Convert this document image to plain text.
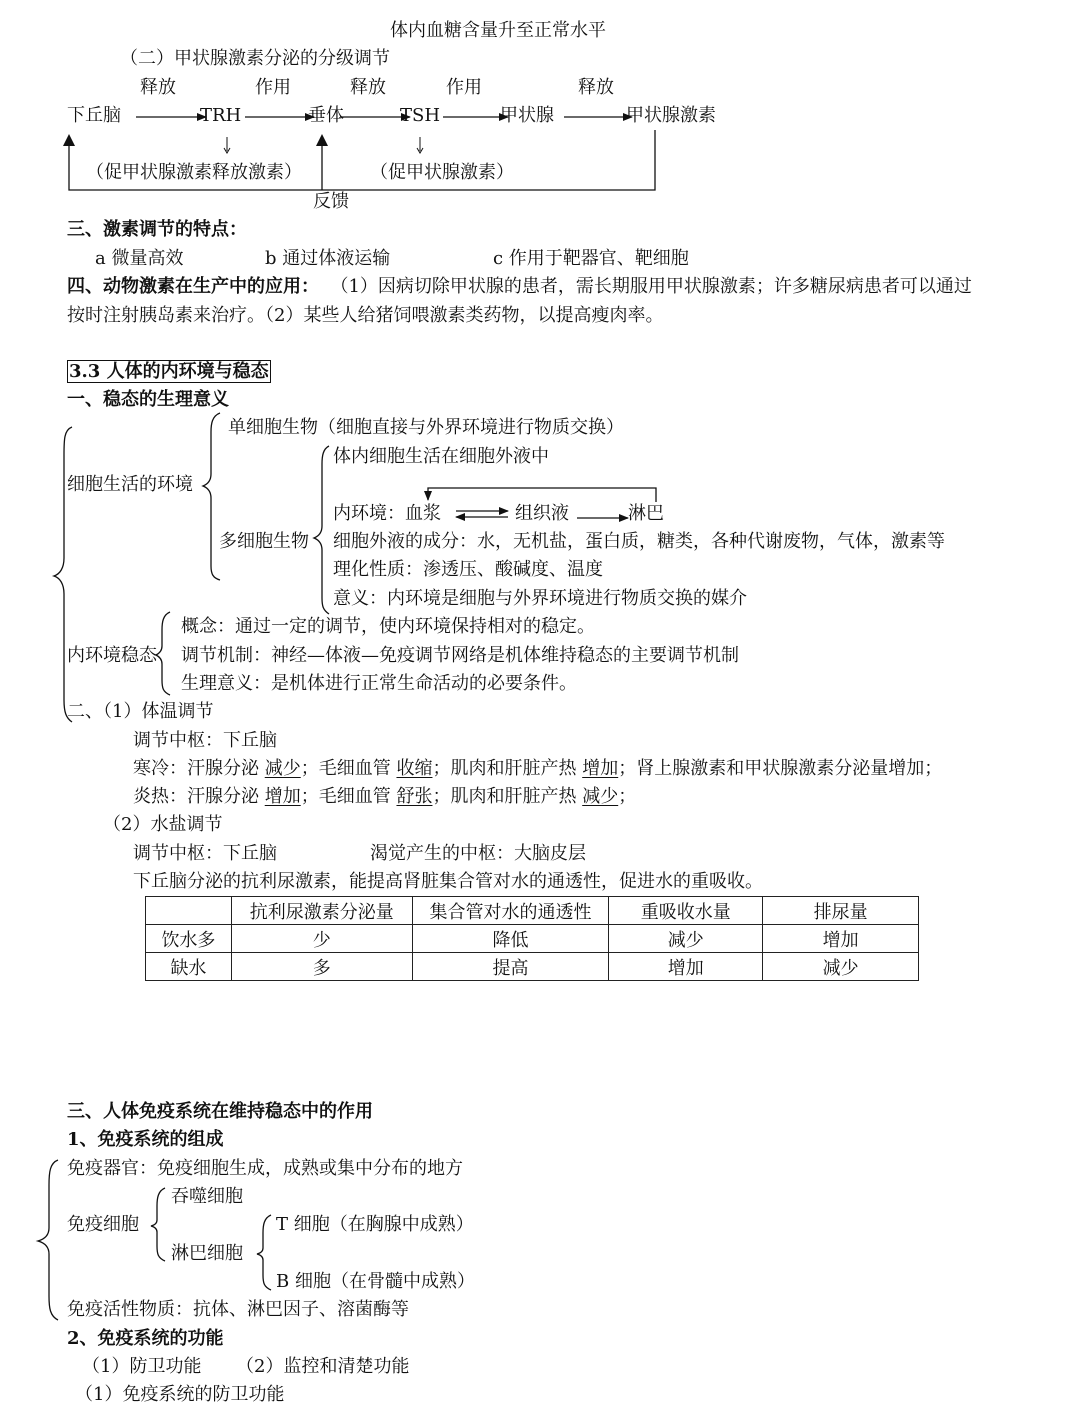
体内血糖含量升至正常水平
（二）甲状腺激素分泌的分级调节
释放	作用	释放	作用	释放
下丘脑	TRH	垂体	TSH	甲状腺	甲状腺激素
（促甲状腺激素释放激素）	（促甲状腺激素）
反馈
三、激素调节的特点：
a 微量高效	b 通过体液运输	c 作用于靶器官、靶细胞
四、动物激素在生产中的应用： （1）因病切除甲状腺的患者，需长期服用甲状腺激素；许多糖尿病患者可以通过
按时注射胰岛素来治疗。（2）某些人给猪饲喂激素类药物，以提高瘦肉率。
3.3 人体的内环境与稳态
一、稳态的生理意义
细胞生活的环境
单细胞生物（细胞直接与外界环境进行物质交换）
多细胞生物
体内细胞生活在细胞外液中
内环境：血浆	组织液	淋巴
细胞外液的成分：水，无机盐，蛋白质，糖类，各种代谢废物，气体，激素等
理化性质：渗透压、酸碱度、温度
意义：内环境是细胞与外界环境进行物质交换的媒介
内环境稳态
概念：通过一定的调节，使内环境保持相对的稳定。
调节机制：神经—体液—免疫调节网络是机体维持稳态的主要调节机制
生理意义：是机体进行正常生命活动的必要条件。
二、（1）体温调节
调节中枢：下丘脑
寒冷：汗腺分泌 减少；毛细血管 收缩；肌肉和肝脏产热 增加；肾上腺激素和甲状腺激素分泌量增加；
炎热：汗腺分泌 增加；毛细血管 舒张；肌肉和肝脏产热 减少；
（2）水盐调节
调节中枢：下丘脑	渴觉产生的中枢：大脑皮层
下丘脑分泌的抗利尿激素，能提高肾脏集合管对水的通透性，促进水的重吸收。
	抗利尿激素分泌量	集合管对水的通透性	重吸收水量	排尿量
饮水多	少	降低	减少	增加
缺水	多	提高	增加	减少
三、人体免疫系统在维持稳态中的作用
1、免疫系统的组成
免疫器官：免疫细胞生成，成熟或集中分布的地方
免疫细胞
吞噬细胞
淋巴细胞
T 细胞（在胸腺中成熟）
B 细胞（在骨髓中成熟）
免疫活性物质：抗体、淋巴因子、溶菌酶等
2、免疫系统的功能
（1）防卫功能 （2）监控和清楚功能
（1）免疫系统的防卫功能
